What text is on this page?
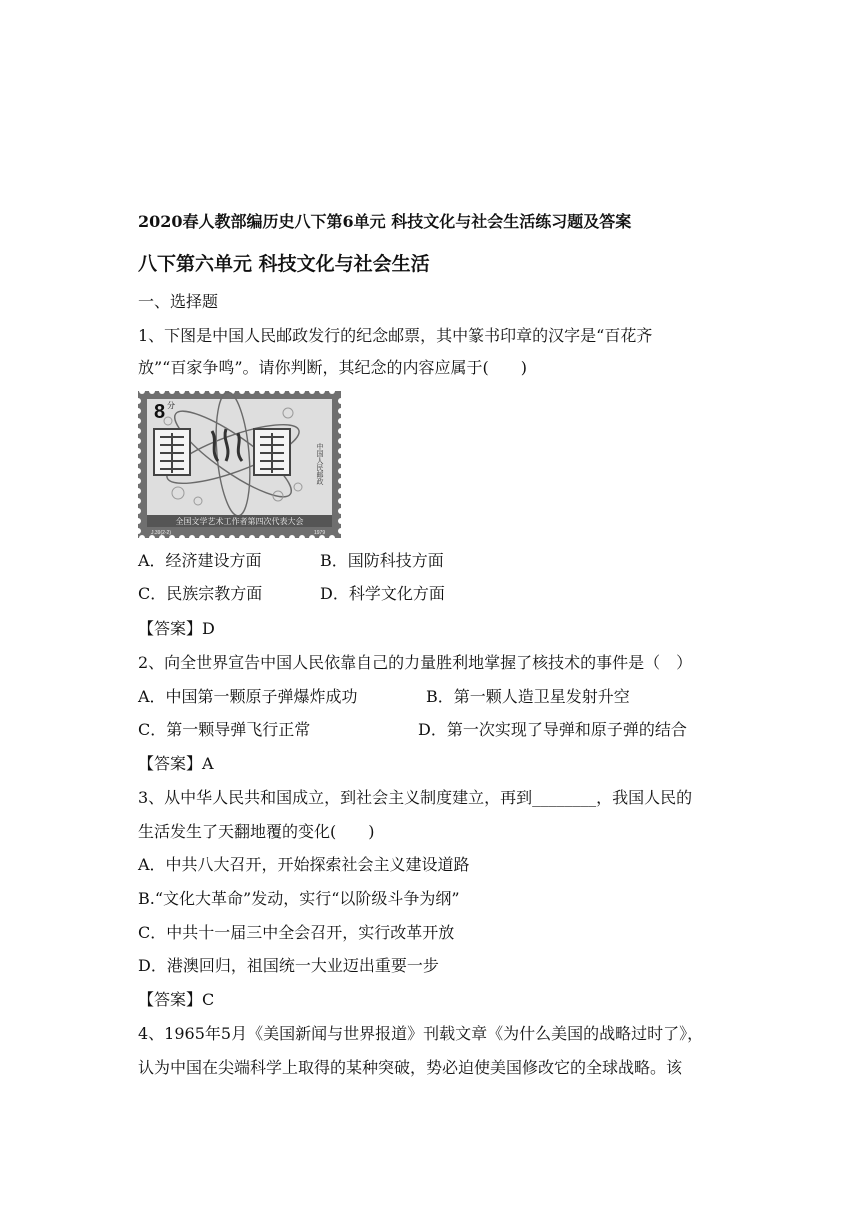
2020春人教部编历史八下第6单元 科技文化与社会生活练习题及答案
八下第六单元 科技文化与社会生活
一、选择题
1、下图是中国人民邮政发行的纪念邮票，其中篆书印章的汉字是“百花齐
放”“百家争鸣”。请你判断，其纪念的内容应属于(　　)
8 分
中国人民邮政
全国文学艺术工作者第四次代表大会
J.39(2-2)	1979
A．经济建设方面	B．国防科技方面
C．民族宗教方面	D．科学文化方面
【答案】D
2、向全世界宣告中国人民依靠自己的力量胜利地掌握了核技术的事件是（　）
A．中国第一颗原子弹爆炸成功	B．第一颗人造卫星发射升空
C．第一颗导弹飞行正常	D．第一次实现了导弹和原子弹的结合
【答案】A
3、从中华人民共和国成立，到社会主义制度建立，再到________，我国人民的
生活发生了天翻地覆的变化(　　)
A．中共八大召开，开始探索社会主义建设道路
B.“文化大革命”发动，实行“以阶级斗争为纲”
C．中共十一届三中全会召开，实行改革开放
D．港澳回归，祖国统一大业迈出重要一步
【答案】C
4、1965年5月《美国新闻与世界报道》刊载文章《为什么美国的战略过时了》，
认为中国在尖端科学上取得的某种突破，势必迫使美国修改它的全球战略。该
